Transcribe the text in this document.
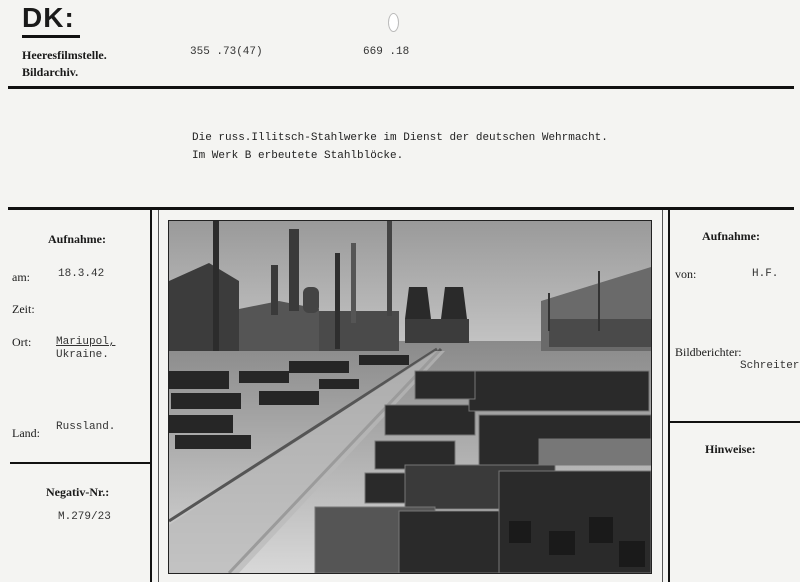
DK:
Heeresfilmstelle.
Bildarchiv.
355 .73(47)	669 .18
Die russ.Illitsch-Stahlwerke im Dienst der deutschen Wehrmacht.
Im Werk B erbeutete Stahlblöcke.
Aufnahme:
am:	18.3.42
Zeit:
Ort: Mariupol,
Ukraine.
Land: Russland.
Negativ-Nr.:
M.279/23
Aufnahme:
von:	H.F.
Bildberichter:
Schreiter
Hinweise:
